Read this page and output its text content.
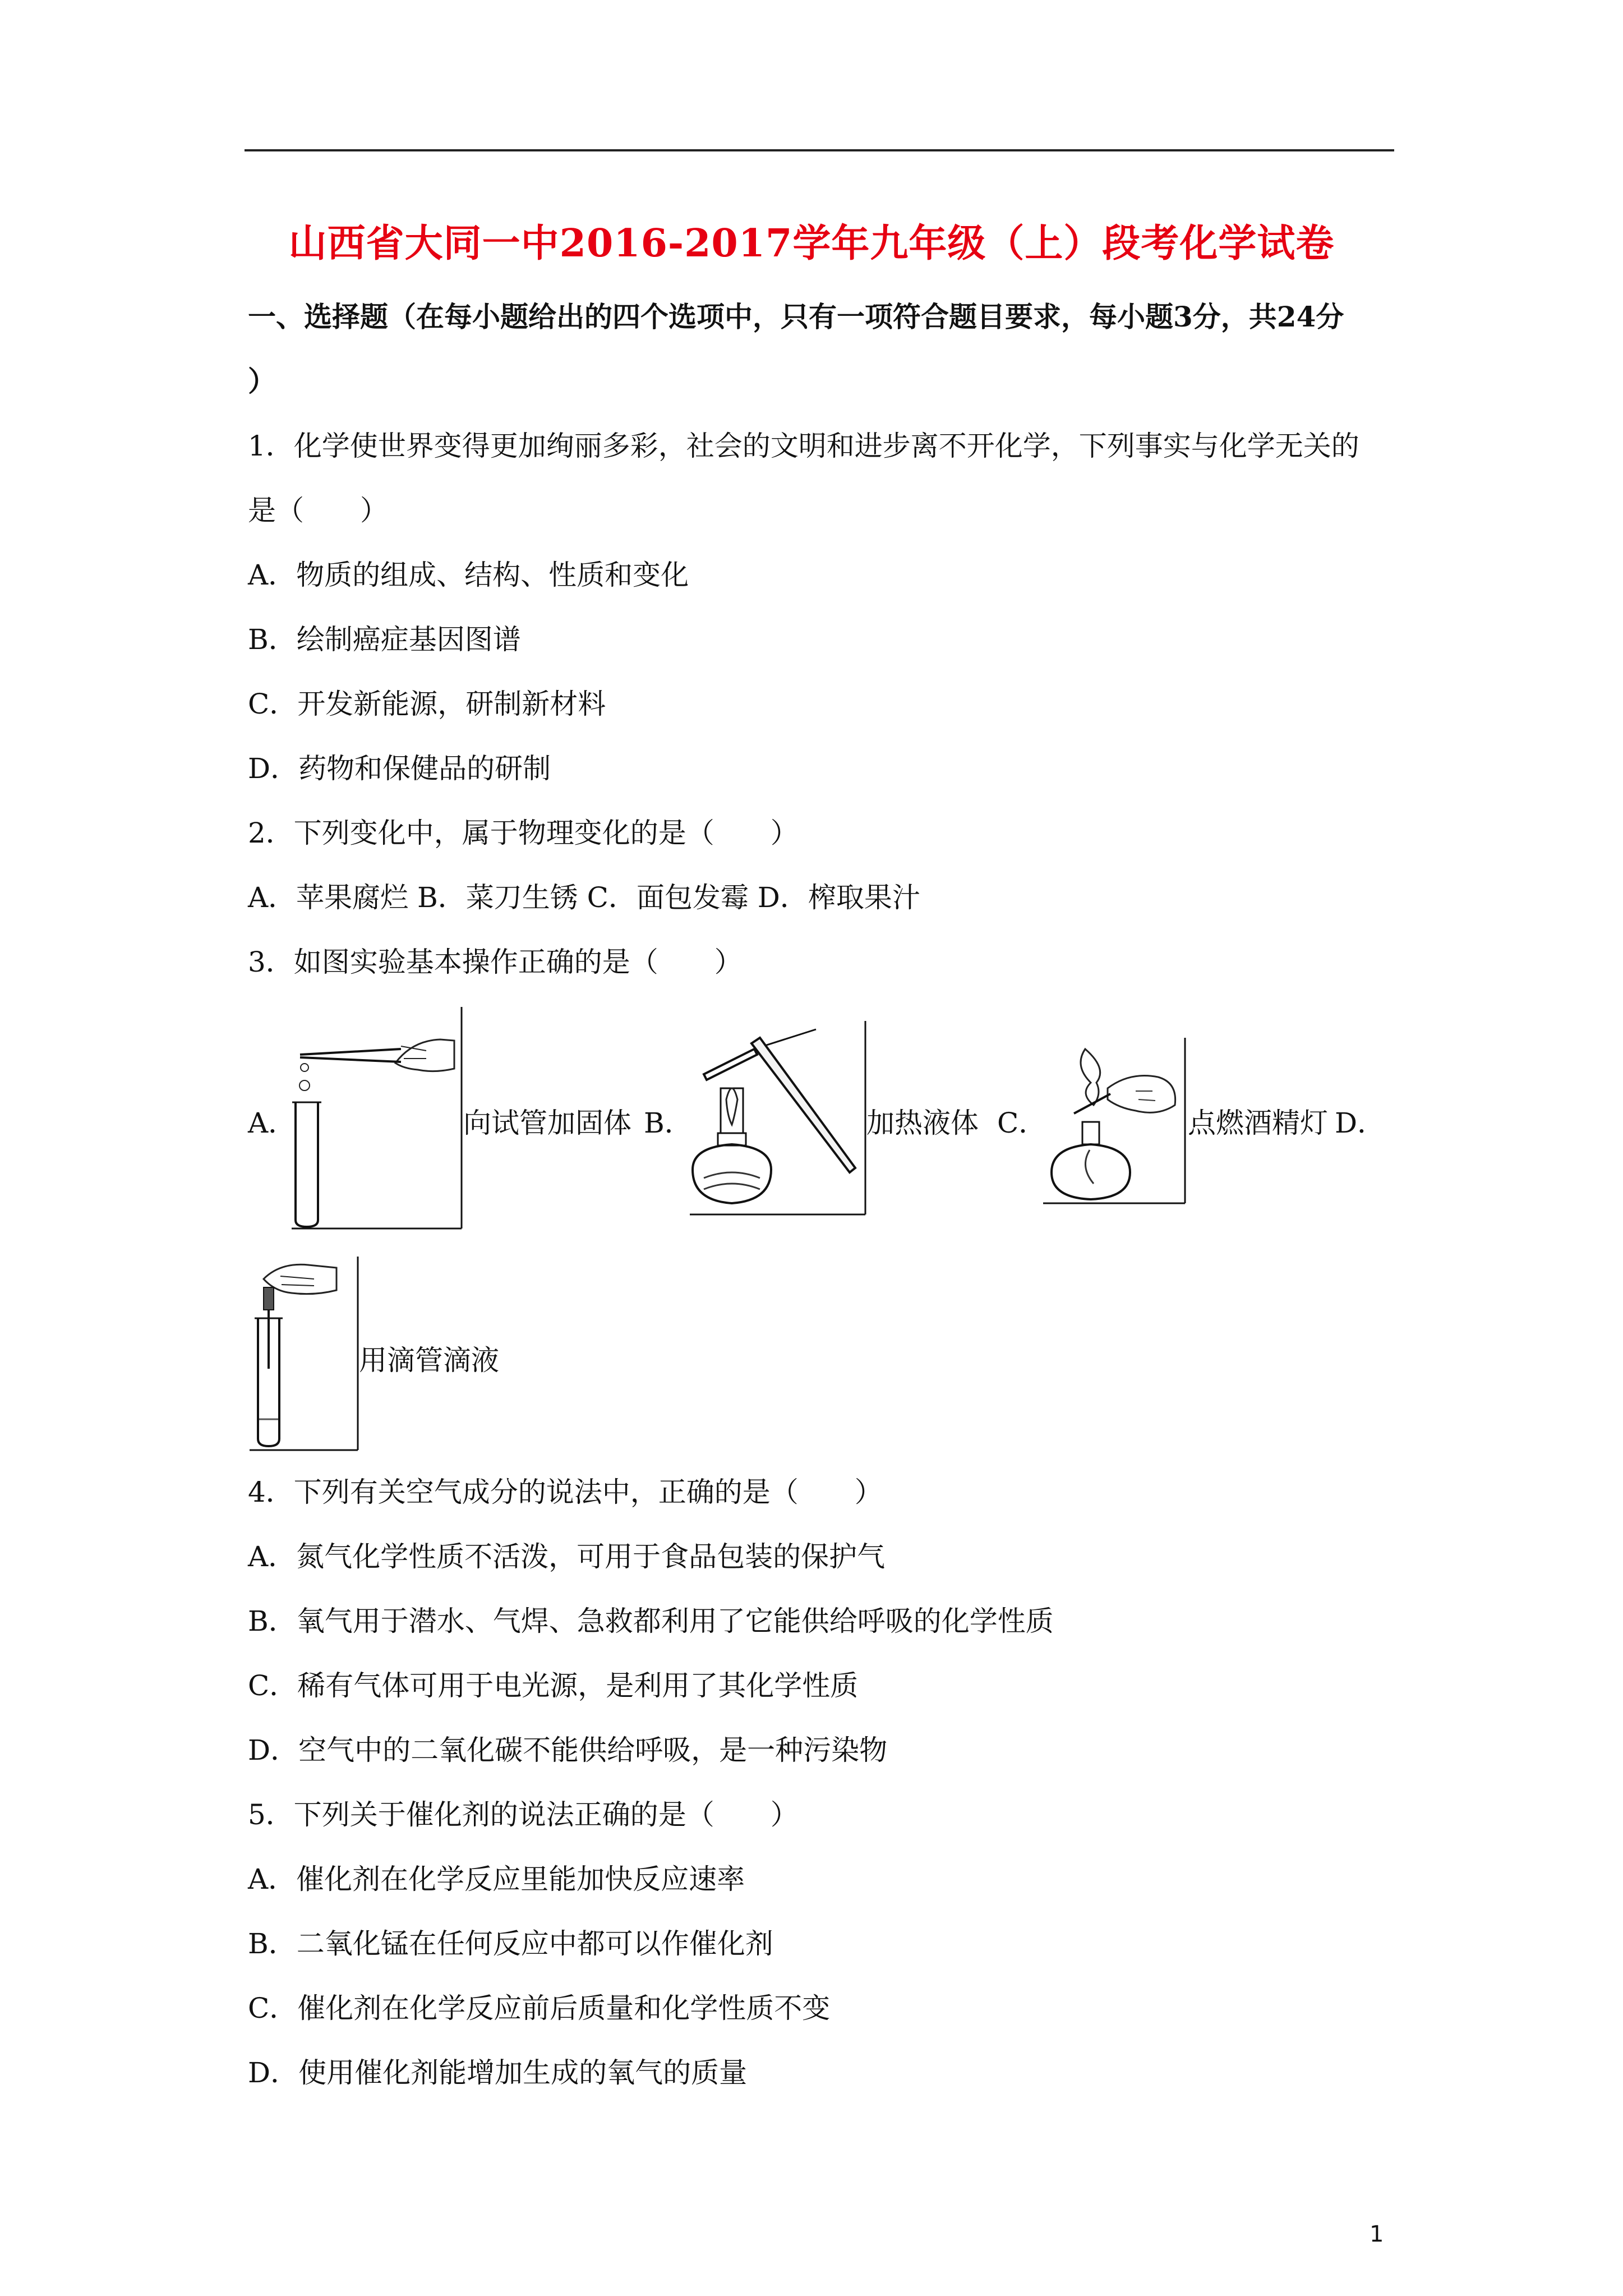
山西省大同一中2016-2017学年九年级（上）段考化学试卷
一、选择题（在每小题给出的四个选项中，只有一项符合题目要求，每小题3分，共24分
）
1．化学使世界变得更加绚丽多彩，社会的文明和进步离不开化学，下列事实与化学无关的
是（　　）
A．物质的组成、结构、性质和变化
B．绘制癌症基因图谱
C．开发新能源，研制新材料
D．药物和保健品的研制
2．下列变化中，属于物理变化的是（　　）
A．苹果腐烂 B．菜刀生锈 C．面包发霉 D．榨取果汁
3．如图实验基本操作正确的是（　　）
A．	向试管加固体 B．	加热液体 C．	点燃酒精灯 D．
用滴管滴液
4．下列有关空气成分的说法中，正确的是（　　）
A．氮气化学性质不活泼，可用于食品包装的保护气
B．氧气用于潜水、气焊、急救都利用了它能供给呼吸的化学性质
C．稀有气体可用于电光源，是利用了其化学性质
D．空气中的二氧化碳不能供给呼吸，是一种污染物
5．下列关于催化剂的说法正确的是（　　）
A．催化剂在化学反应里能加快反应速率
B．二氧化锰在任何反应中都可以作催化剂
C．催化剂在化学反应前后质量和化学性质不变
D．使用催化剂能增加生成的氧气的质量
1
